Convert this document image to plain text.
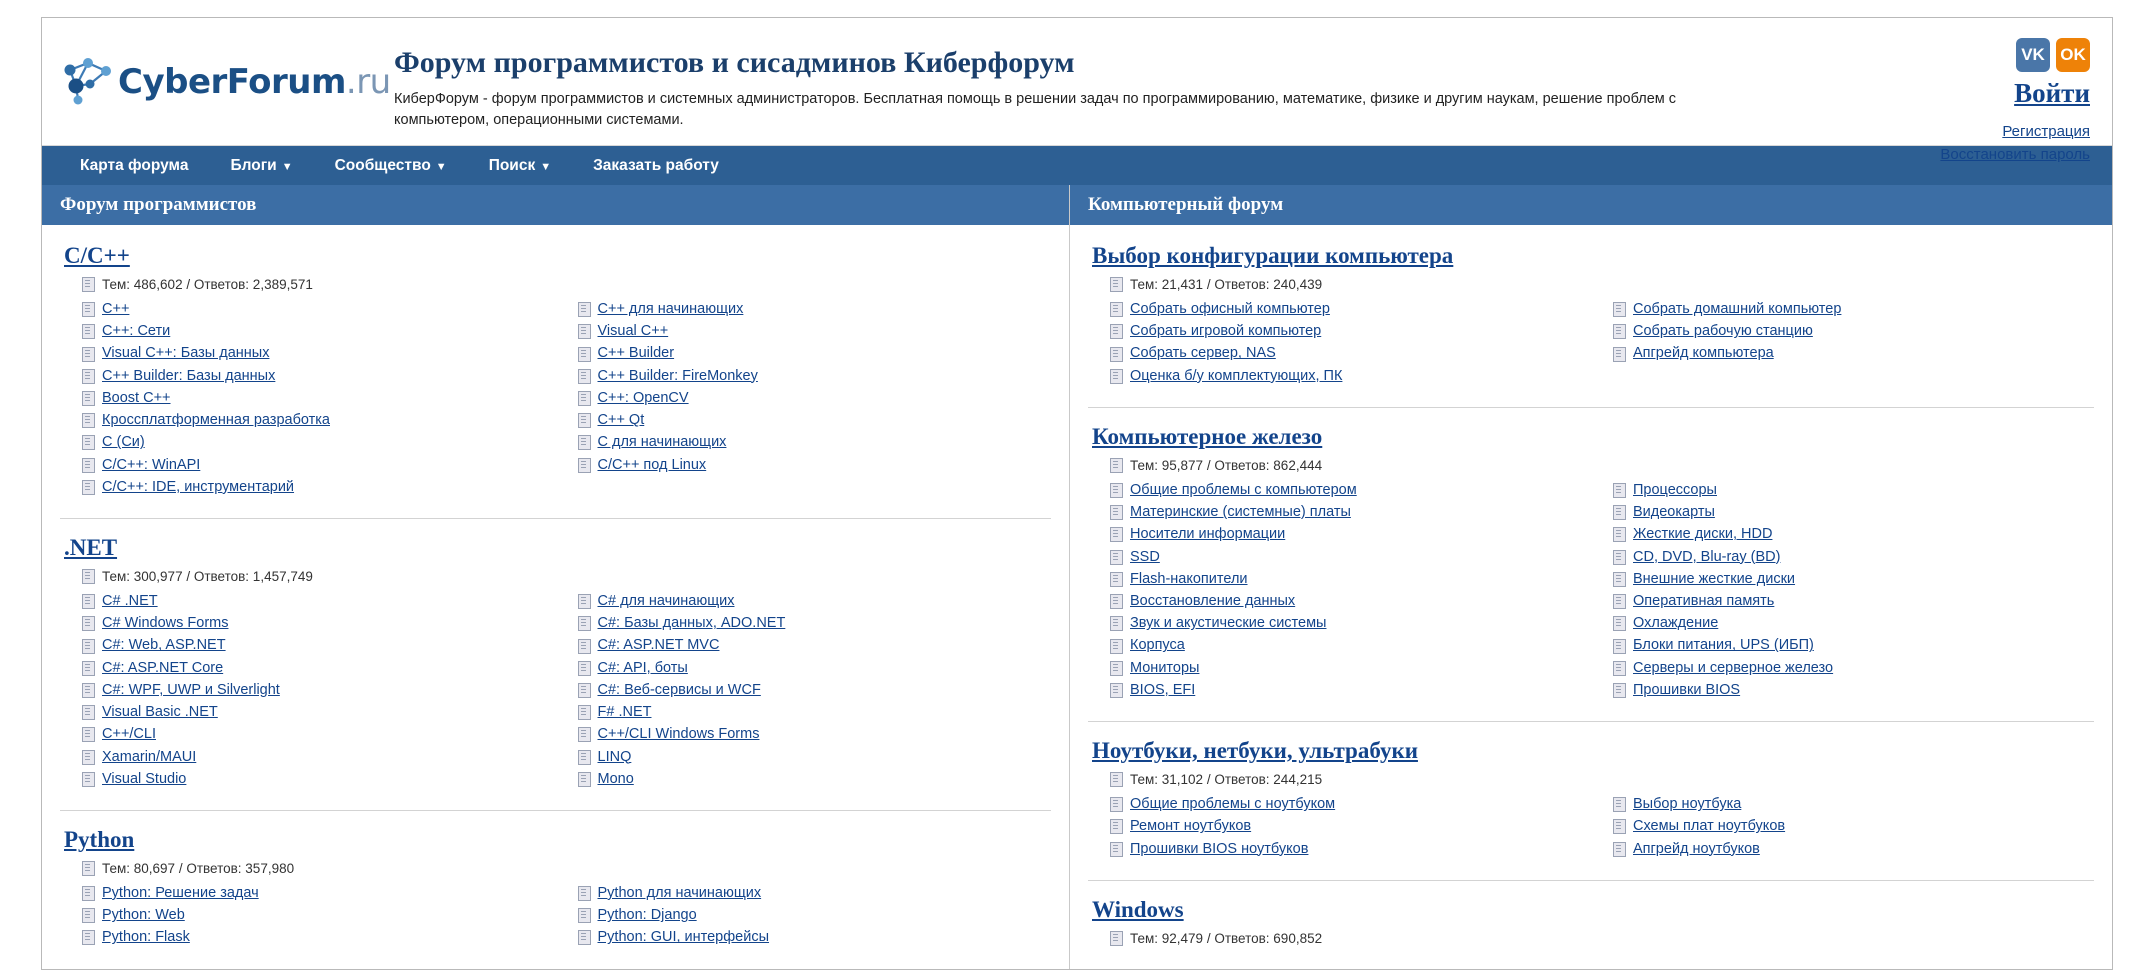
CyberForum.ru Форум программистов и сисадминов Киберфорум
КиберФорум - форум программистов и системных администраторов. Бесплатная помощь в решении задач по программированию, математике, физике и другим наукам, решение проблем с компьютером, операционными системами.
VK OK
Войти
Регистрация
Восстановить пароль
Карта форума	Блоги ▼	Сообщество ▼	Поиск ▼	Заказать работу
Форум программистов
C/C++
Тем: 486,602 / Ответов: 2,389,571
C++
C++: Сети
Visual C++: Базы данных
C++ Builder: Базы данных
Boost C++
Кроссплатформенная разработка
С (Си)
C/C++: WinAPI
C/C++: IDE, инструментарий
C++ для начинающих
Visual C++
C++ Builder
C++ Builder: FireMonkey
C++: OpenCV
C++ Qt
С для начинающих
C/C++ под Linux
.NET
Тем: 300,977 / Ответов: 1,457,749
C# .NET
C# Windows Forms
C#: Web, ASP.NET
C#: ASP.NET Core
C#: WPF, UWP и Silverlight
Visual Basic .NET
C++/CLI
Xamarin/MAUI
Visual Studio
C# для начинающих
C#: Базы данных, ADO.NET
C#: ASP.NET MVC
C#: API, боты
C#: Веб-сервисы и WCF
F# .NET
C++/CLI Windows Forms
LINQ
Mono
Python
Тем: 80,697 / Ответов: 357,980
Python: Решение задач
Python: Web
Python: Flask
Python для начинающих
Python: Django
Python: GUI, интерфейсы
Компьютерный форум
Выбор конфигурации компьютера
Тем: 21,431 / Ответов: 240,439
Собрать офисный компьютер
Собрать игровой компьютер
Собрать сервер, NAS
Оценка б/у комплектующих, ПК
Собрать домашний компьютер
Собрать рабочую станцию
Апгрейд компьютера
Компьютерное железо
Тем: 95,877 / Ответов: 862,444
Общие проблемы с компьютером
Материнские (системные) платы
Носители информации
SSD
Flash-накопители
Восстановление данных
Звук и акустические системы
Корпуса
Мониторы
BIOS, EFI
Процессоры
Видеокарты
Жесткие диски, HDD
CD, DVD, Blu-ray (BD)
Внешние жесткие диски
Оперативная память
Охлаждение
Блоки питания, UPS (ИБП)
Серверы и серверное железо
Прошивки BIOS
Ноутбуки, нетбуки, ультрабуки
Тем: 31,102 / Ответов: 244,215
Общие проблемы с ноутбуком
Ремонт ноутбуков
Прошивки BIOS ноутбуков
Выбор ноутбука
Схемы плат ноутбуков
Апгрейд ноутбуков
Windows
Тем: 92,479 / Ответов: 690,852
